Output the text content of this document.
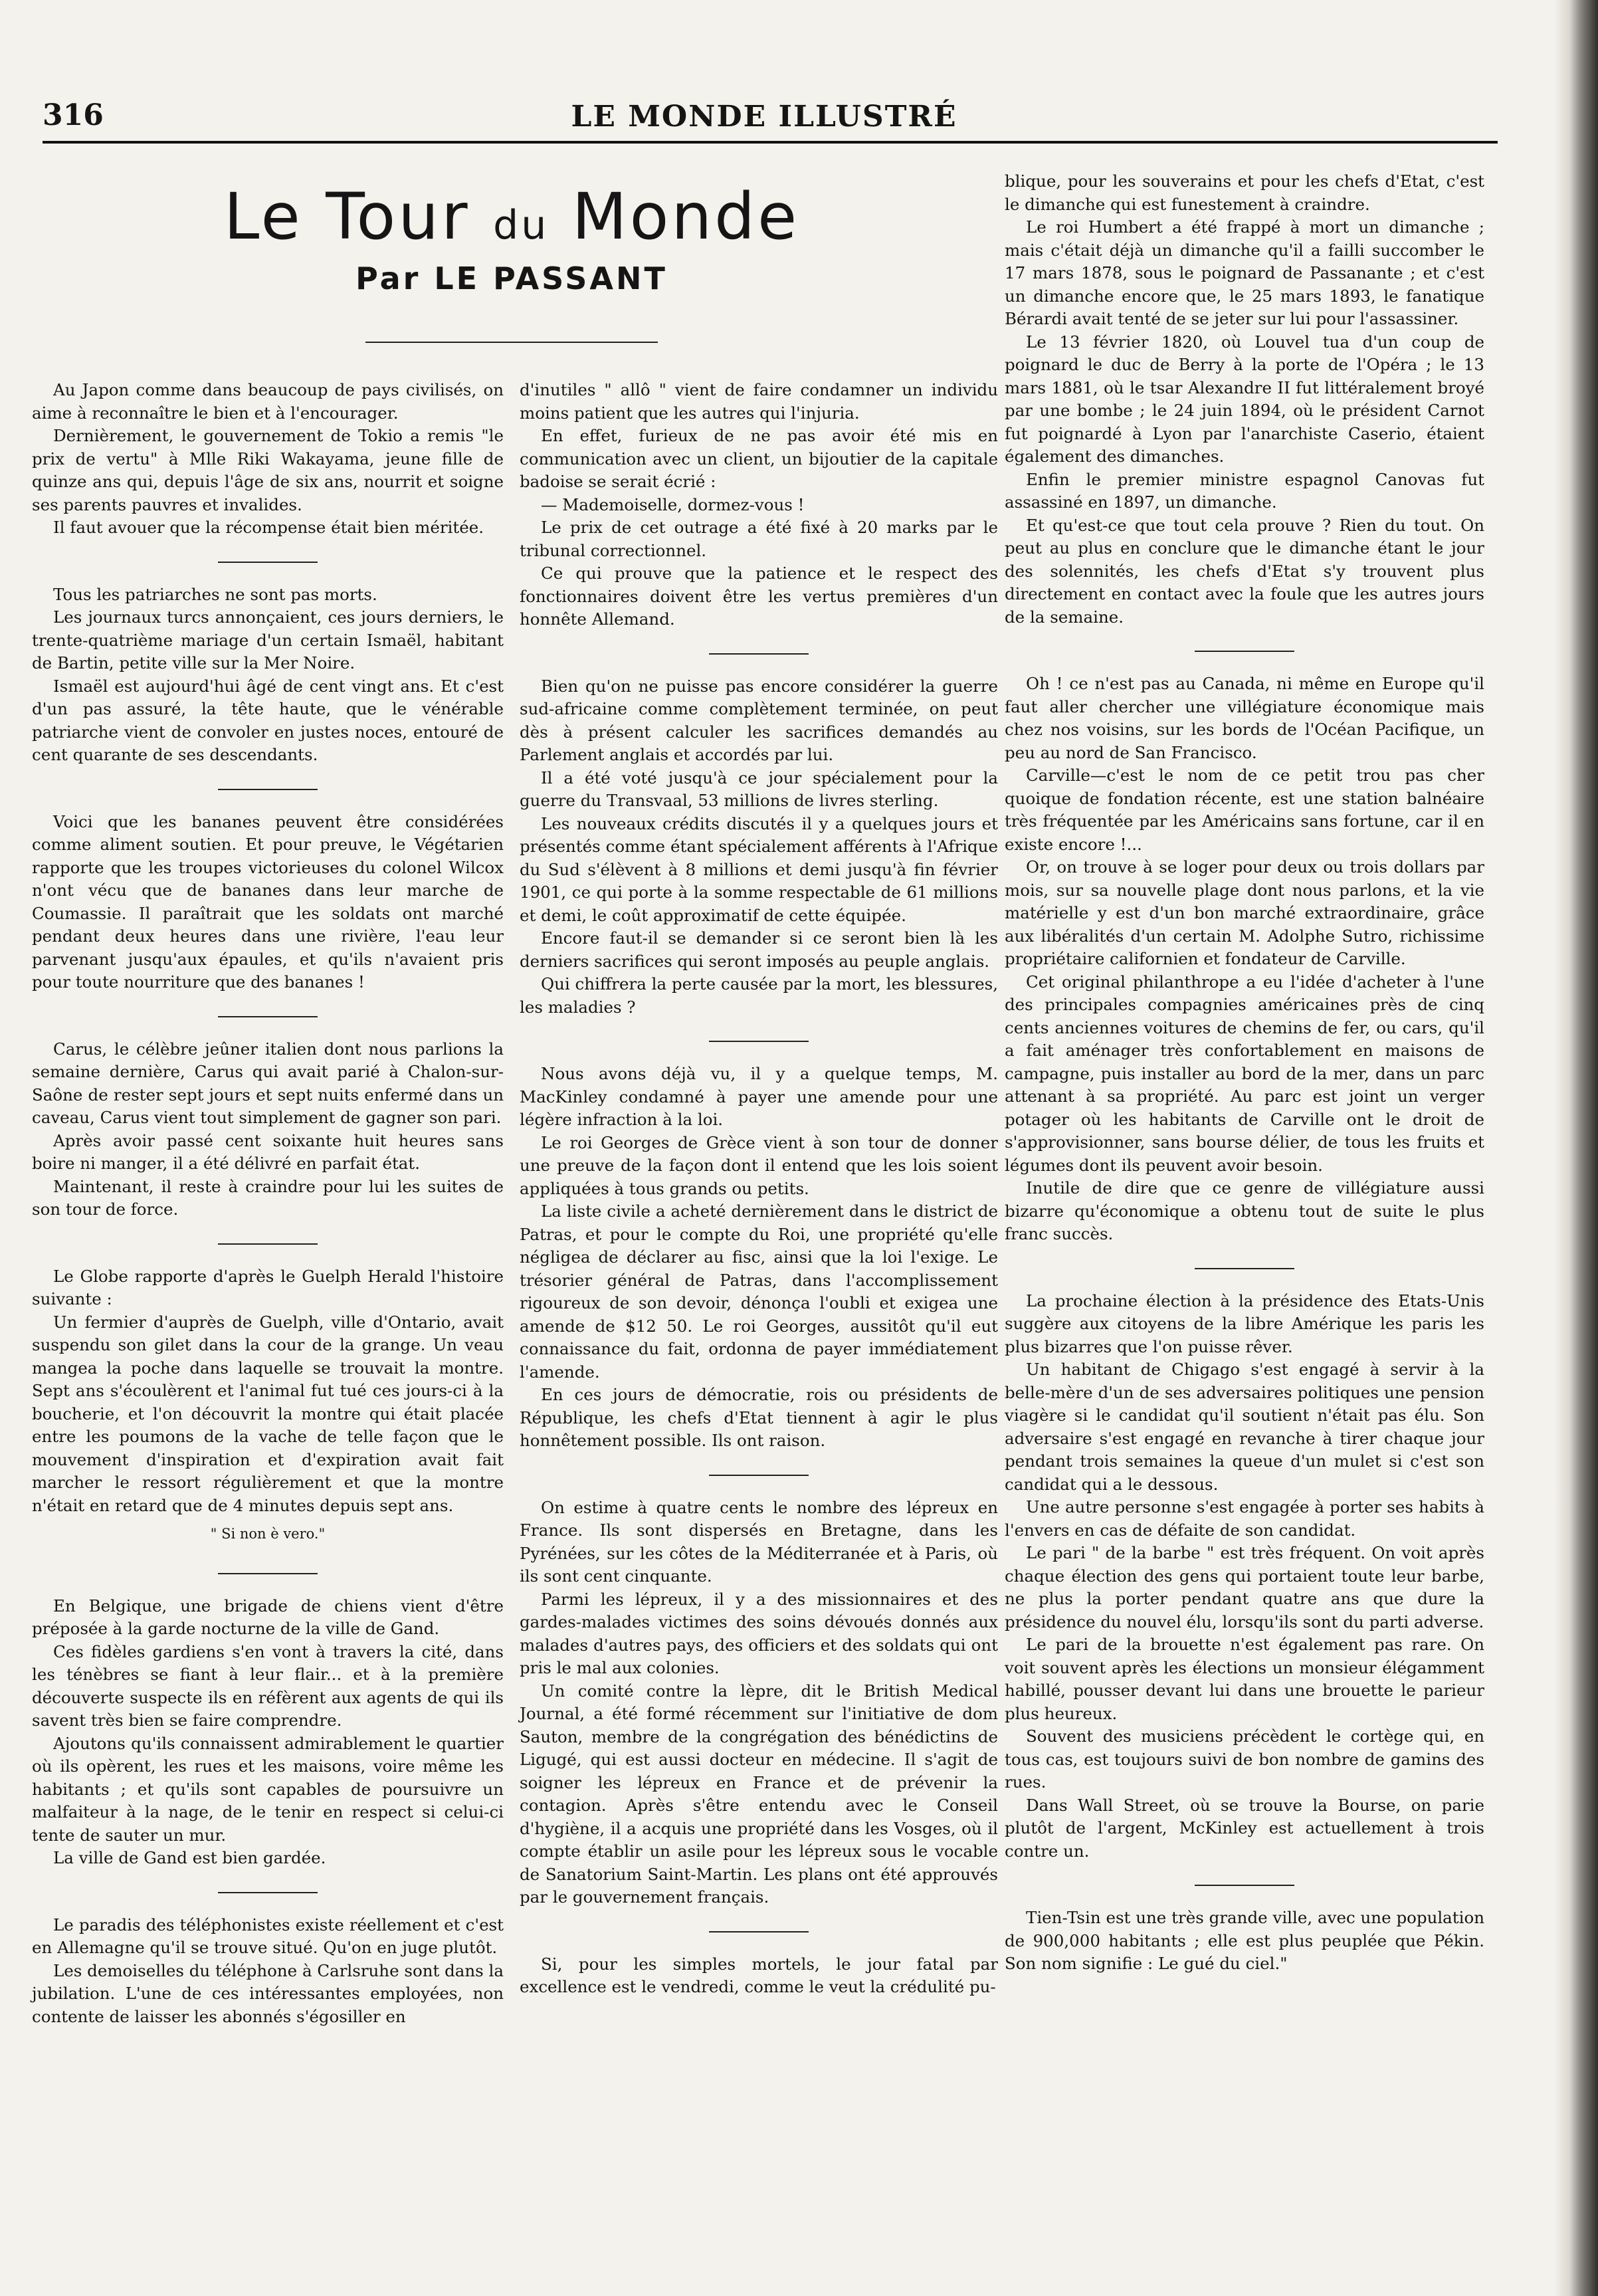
316	LE MONDE ILLUSTRÉ
Le Tour du Monde
Par LE PASSANT

Au Japon comme dans beaucoup de pays civilisés, on aime à reconnaître le bien et à l'encourager.

Dernièrement, le gouvernement de Tokio a remis "le prix de vertu" à Mlle Riki Wakayama, jeune fille de quinze ans qui, depuis l'âge de six ans, nourrit et soigne ses parents pauvres et invalides.

Il faut avouer que la récompense était bien méritée.

Tous les patriarches ne sont pas morts.

Les journaux turcs annonçaient, ces jours derniers, le trente-quatrième mariage d'un certain Ismaël, habitant de Bartin, petite ville sur la Mer Noire.

Ismaël est aujourd'hui âgé de cent vingt ans. Et c'est d'un pas assuré, la tête haute, que le vénérable patriarche vient de convoler en justes noces, entouré de cent quarante de ses descendants.

Voici que les bananes peuvent être considérées comme aliment soutien. Et pour preuve, le Végétarien rapporte que les troupes victorieuses du colonel Wilcox n'ont vécu que de bananes dans leur marche de Coumassie. Il paraîtrait que les soldats ont marché pendant deux heures dans une rivière, l'eau leur parvenant jusqu'aux épaules, et qu'ils n'avaient pris pour toute nourriture que des bananes !

Carus, le célèbre jeûner italien dont nous parlions la semaine dernière, Carus qui avait parié à Chalon-sur-Saône de rester sept jours et sept nuits enfermé dans un caveau, Carus vient tout simplement de gagner son pari.

Après avoir passé cent soixante huit heures sans boire ni manger, il a été délivré en parfait état.

Maintenant, il reste à craindre pour lui les suites de son tour de force.

Le Globe rapporte d'après le Guelph Herald l'histoire suivante :

Un fermier d'auprès de Guelph, ville d'Ontario, avait suspendu son gilet dans la cour de la grange. Un veau mangea la poche dans laquelle se trouvait la montre. Sept ans s'écoulèrent et l'animal fut tué ces jours-ci à la boucherie, et l'on découvrit la montre qui était placée entre les poumons de la vache de telle façon que le mouvement d'inspiration et d'expiration avait fait marcher le ressort régulièrement et que la montre n'était en retard que de 4 minutes depuis sept ans.

" Si non è vero."

En Belgique, une brigade de chiens vient d'être préposée à la garde nocturne de la ville de Gand.

Ces fidèles gardiens s'en vont à travers la cité, dans les ténèbres se fiant à leur flair... et à la première découverte suspecte ils en réfèrent aux agents de qui ils savent très bien se faire comprendre.

Ajoutons qu'ils connaissent admirablement le quartier où ils opèrent, les rues et les maisons, voire même les habitants ; et qu'ils sont capables de poursuivre un malfaiteur à la nage, de le tenir en respect si celui-ci tente de sauter un mur.

La ville de Gand est bien gardée.

Le paradis des téléphonistes existe réellement et c'est en Allemagne qu'il se trouve situé. Qu'on en juge plutôt.

Les demoiselles du téléphone à Carlsruhe sont dans la jubilation. L'une de ces intéressantes employées, non contente de laisser les abonnés s'égosiller en

d'inutiles " allô " vient de faire condamner un individu moins patient que les autres qui l'injuria.

En effet, furieux de ne pas avoir été mis en communication avec un client, un bijoutier de la capitale badoise se serait écrié :

— Mademoiselle, dormez-vous !

Le prix de cet outrage a été fixé à 20 marks par le tribunal correctionnel.

Ce qui prouve que la patience et le respect des fonctionnaires doivent être les vertus premières d'un honnête Allemand.

Bien qu'on ne puisse pas encore considérer la guerre sud-africaine comme complètement terminée, on peut dès à présent calculer les sacrifices demandés au Parlement anglais et accordés par lui.

Il a été voté jusqu'à ce jour spécialement pour la guerre du Transvaal, 53 millions de livres sterling.

Les nouveaux crédits discutés il y a quelques jours et présentés comme étant spécialement afférents à l'Afrique du Sud s'élèvent à 8 millions et demi jusqu'à fin février 1901, ce qui porte à la somme respectable de 61 millions et demi, le coût approximatif de cette équipée.

Encore faut-il se demander si ce seront bien là les derniers sacrifices qui seront imposés au peuple anglais.

Qui chiffrera la perte causée par la mort, les blessures, les maladies ?

Nous avons déjà vu, il y a quelque temps, M. MacKinley condamné à payer une amende pour une légère infraction à la loi.

Le roi Georges de Grèce vient à son tour de donner une preuve de la façon dont il entend que les lois soient appliquées à tous grands ou petits.

La liste civile a acheté dernièrement dans le district de Patras, et pour le compte du Roi, une propriété qu'elle négligea de déclarer au fisc, ainsi que la loi l'exige. Le trésorier général de Patras, dans l'accomplissement rigoureux de son devoir, dénonça l'oubli et exigea une amende de $12 50. Le roi Georges, aussitôt qu'il eut connaissance du fait, ordonna de payer immédiatement l'amende.

En ces jours de démocratie, rois ou présidents de République, les chefs d'Etat tiennent à agir le plus honnêtement possible. Ils ont raison.

On estime à quatre cents le nombre des lépreux en France. Ils sont dispersés en Bretagne, dans les Pyrénées, sur les côtes de la Méditerranée et à Paris, où ils sont cent cinquante.

Parmi les lépreux, il y a des missionnaires et des gardes-malades victimes des soins dévoués donnés aux malades d'autres pays, des officiers et des soldats qui ont pris le mal aux colonies.

Un comité contre la lèpre, dit le British Medical Journal, a été formé récemment sur l'initiative de dom Sauton, membre de la congrégation des bénédictins de Ligugé, qui est aussi docteur en médecine. Il s'agit de soigner les lépreux en France et de prévenir la contagion. Après s'être entendu avec le Conseil d'hygiène, il a acquis une propriété dans les Vosges, où il compte établir un asile pour les lépreux sous le vocable de Sanatorium Saint-Martin. Les plans ont été approuvés par le gouvernement français.

Si, pour les simples mortels, le jour fatal par excellence est le vendredi, comme le veut la crédulité pu-

blique, pour les souverains et pour les chefs d'Etat, c'est le dimanche qui est funestement à craindre.

Le roi Humbert a été frappé à mort un dimanche ; mais c'était déjà un dimanche qu'il a failli succomber le 17 mars 1878, sous le poignard de Passanante ; et c'est un dimanche encore que, le 25 mars 1893, le fanatique Bérardi avait tenté de se jeter sur lui pour l'assassiner.

Le 13 février 1820, où Louvel tua d'un coup de poignard le duc de Berry à la porte de l'Opéra ; le 13 mars 1881, où le tsar Alexandre II fut littéralement broyé par une bombe ; le 24 juin 1894, où le président Carnot fut poignardé à Lyon par l'anarchiste Caserio, étaient également des dimanches.

Enfin le premier ministre espagnol Canovas fut assassiné en 1897, un dimanche.

Et qu'est-ce que tout cela prouve ? Rien du tout. On peut au plus en conclure que le dimanche étant le jour des solennités, les chefs d'Etat s'y trouvent plus directement en contact avec la foule que les autres jours de la semaine.

Oh ! ce n'est pas au Canada, ni même en Europe qu'il faut aller chercher une villégiature économique mais chez nos voisins, sur les bords de l'Océan Pacifique, un peu au nord de San Francisco.

Carville—c'est le nom de ce petit trou pas cher quoique de fondation récente, est une station balnéaire très fréquentée par les Américains sans fortune, car il en existe encore !...

Or, on trouve à se loger pour deux ou trois dollars par mois, sur sa nouvelle plage dont nous parlons, et la vie matérielle y est d'un bon marché extraordinaire, grâce aux libéralités d'un certain M. Adolphe Sutro, richissime propriétaire californien et fondateur de Carville.

Cet original philanthrope a eu l'idée d'acheter à l'une des principales compagnies américaines près de cinq cents anciennes voitures de chemins de fer, ou cars, qu'il a fait aménager très confortablement en maisons de campagne, puis installer au bord de la mer, dans un parc attenant à sa propriété. Au parc est joint un verger potager où les habitants de Carville ont le droit de s'approvisionner, sans bourse délier, de tous les fruits et légumes dont ils peuvent avoir besoin.

Inutile de dire que ce genre de villégiature aussi bizarre qu'économique a obtenu tout de suite le plus franc succès.

La prochaine élection à la présidence des Etats-Unis suggère aux citoyens de la libre Amérique les paris les plus bizarres que l'on puisse rêver.

Un habitant de Chigago s'est engagé à servir à la belle-mère d'un de ses adversaires politiques une pension viagère si le candidat qu'il soutient n'était pas élu. Son adversaire s'est engagé en revanche à tirer chaque jour pendant trois semaines la queue d'un mulet si c'est son candidat qui a le dessous.

Une autre personne s'est engagée à porter ses habits à l'envers en cas de défaite de son candidat.

Le pari " de la barbe " est très fréquent. On voit après chaque élection des gens qui portaient toute leur barbe, ne plus la porter pendant quatre ans que dure la présidence du nouvel élu, lorsqu'ils sont du parti adverse.

Le pari de la brouette n'est également pas rare. On voit souvent après les élections un monsieur élégamment habillé, pousser devant lui dans une brouette le parieur plus heureux.

Souvent des musiciens précèdent le cortège qui, en tous cas, est toujours suivi de bon nombre de gamins des rues.

Dans Wall Street, où se trouve la Bourse, on parie plutôt de l'argent, McKinley est actuellement à trois contre un.

Tien-Tsin est une très grande ville, avec une population de 900,000 habitants ; elle est plus peuplée que Pékin. Son nom signifie : Le gué du ciel."
